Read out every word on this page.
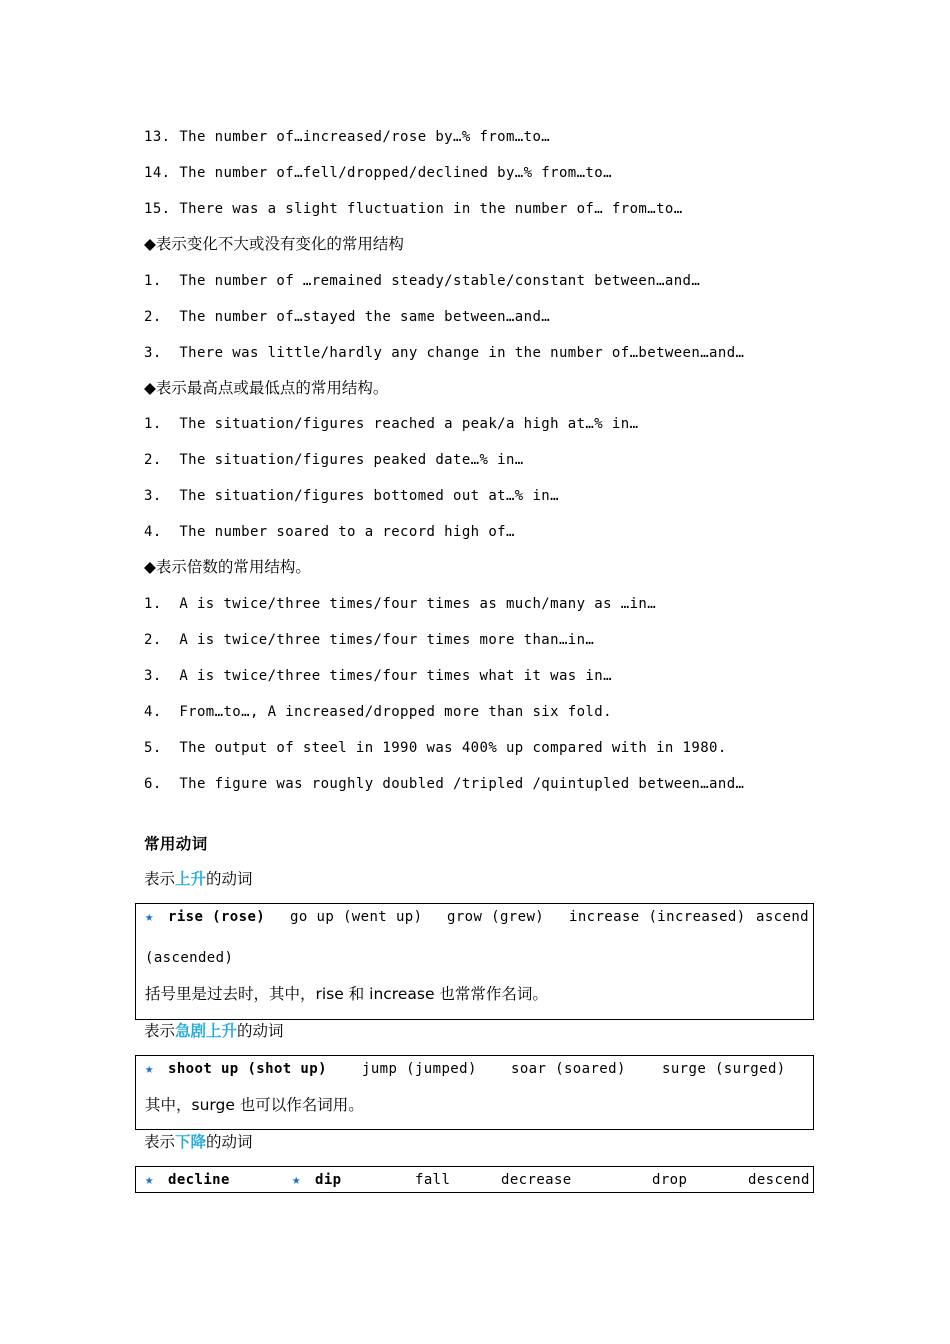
13. The number of…increased/rose by…% from…to…
14. The number of…fell/dropped/declined by…% from…to…
15. There was a slight fluctuation in the number of… from…to…
◆表示变化不大或没有变化的常用结构
1.  The number of …remained steady/stable/constant between…and…
2.  The number of…stayed the same between…and…
3.  There was little/hardly any change in the number of…between…and…
◆表示最高点或最低点的常用结构。
1.  The situation/figures reached a peak/a high at…% in…
2.  The situation/figures peaked date…% in…
3.  The situation/figures bottomed out at…% in…
4.  The number soared to a record high of…
◆表示倍数的常用结构。
1.  A is twice/three times/four times as much/many as …in…
2.  A is twice/three times/four times more than…in…
3.  A is twice/three times/four times what it was in…
4.  From…to…, A increased/dropped more than six fold.
5.  The output of steel in 1990 was 400% up compared with in 1980.
6.  The figure was roughly doubled /tripled /quintupled between…and…
常用动词
表示上升的动词
★ rise (rose) go up (went up) grow (grew) increase (increased) ascend
(ascended)
括号里是过去时，其中，rise 和 increase 也常常作名词。
表示急剧上升的动词
★ shoot up (shot up)	jump (jumped) soar (soared)	surge (surged)
其中，surge 也可以作名词用。
表示下降的动词
★ decline	★ dip	fall	decrease	drop	descend
